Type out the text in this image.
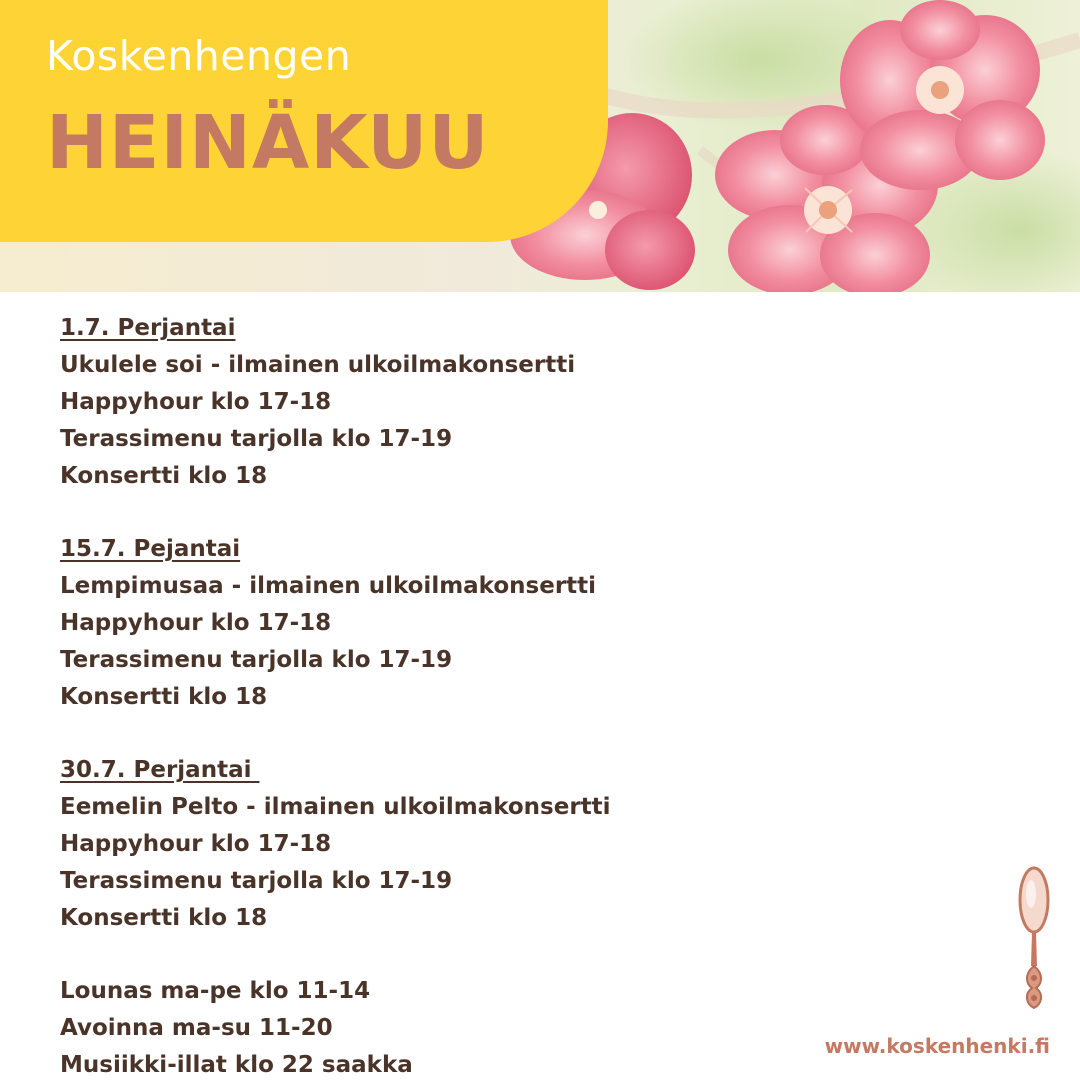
Koskenhengen
HEINÄKUU
1.7. Perjantai
Ukulele soi - ilmainen ulkoilmakonsertti
Happyhour klo 17-18
Terassimenu tarjolla klo 17-19
Konsertti klo 18
15.7. Pejantai
Lempimusaa - ilmainen ulkoilmakonsertti
Happyhour klo 17-18
Terassimenu tarjolla klo 17-19
Konsertti klo 18
30.7. Perjantai
Eemelin Pelto - ilmainen ulkoilmakonsertti
Happyhour klo 17-18
Terassimenu tarjolla klo 17-19
Konsertti klo 18
Lounas ma-pe klo 11-14
Avoinna ma-su 11-20
Musiikki-illat klo 22 saakka
www.koskenhenki.fi
